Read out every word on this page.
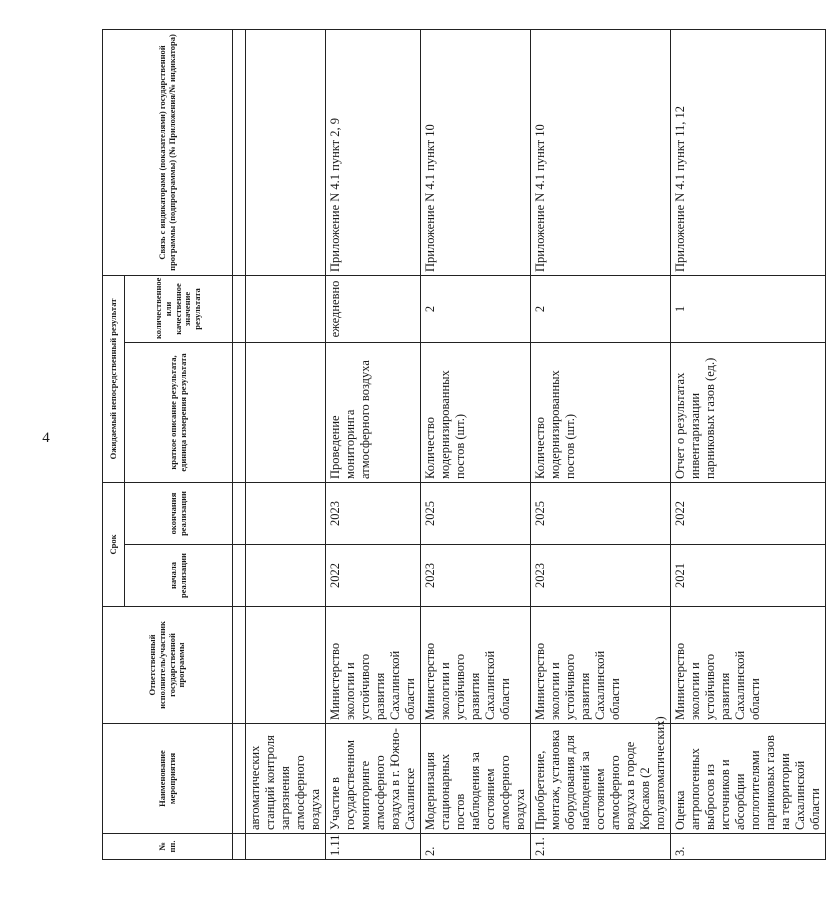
4
№ пп.	Наименование мероприятия	Ответственный исполнитель/участник государственной программы	Срок		Ожидаемый непосредственный результат		Связь с индикаторами (показателями) государственной программы (подпрограммы) (№ Приложения/№ индикатора)
			начала реализации	окончания реализации	краткое описание результата, единица измерения результата	количественное или качественное значение результата	

	автоматических станций контроля загрязнения атмосферного воздуха						
1.11	Участие в государственном мониторинге атмосферного воздуха в г. Южно-Сахалинске	Министерство экологии и устойчивого развития Сахалинской области	2022	2023	Проведение мониторинга атмосферного воздуха	ежедневно	Приложение N 4.1 пункт 2, 9
2.	Модернизация стационарных постов наблюдения за состоянием атмосферного воздуха	Министерство экологии и устойчивого развития Сахалинской области	2023	2025	Количество модернизированных постов (шт.)	2	Приложение N 4.1 пункт 10
2.1.	Приобретение, монтаж, установка оборудования для наблюдений за состоянием атмосферного воздуха в городе Корсаков (2 полуавтоматических)	Министерство экологии и устойчивого развития Сахалинской области	2023	2025	Количество модернизированных постов (шт.)	2	Приложение N 4.1 пункт 10
3.	Оценка антропогенных выбросов из источников и абсорбции поглотителями парниковых газов на территории Сахалинской области	Министерство экологии и устойчивого развития Сахалинской области	2021	2022	Отчет о результатах инвентаризации парниковых газов (ед.)	1	Приложение N 4.1 пункт 11, 12
